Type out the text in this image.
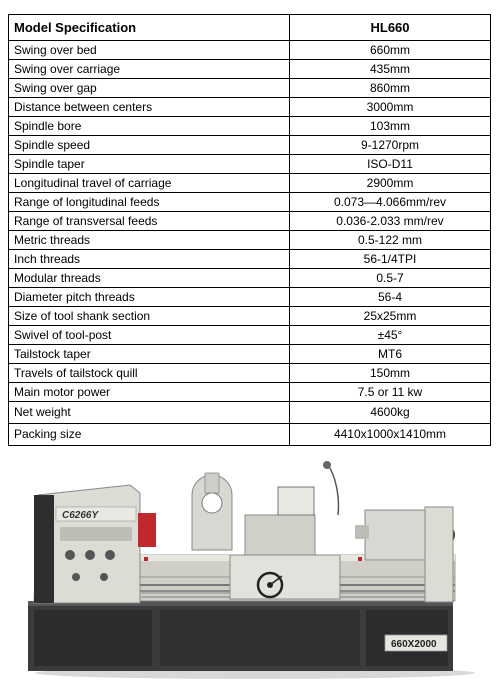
Model Specification	HL660
Swing over bed	660mm
Swing over carriage	435mm
Swing over gap	860mm
Distance between centers	3000mm
Spindle bore	103mm
Spindle speed	9-1270rpm
Spindle taper	ISO-D11
Longitudinal travel of carriage	2900mm
Range of longitudinal feeds	0.073—4.066mm/rev
Range of transversal feeds	0.036-2.033 mm/rev
Metric threads	0.5-122 mm
Inch threads	56-1/4TPI
Modular threads	0.5-7
Diameter pitch threads	56-4
Size of tool shank section	25x25mm
Swivel of tool-post	±45°
Tailstock taper	MT6
Travels of tailstock quill	150mm
Main motor power	7.5 or 11 kw
Net weight	4600kg
Packing size	4410x1000x1410mm
C6266Y
660X2000
